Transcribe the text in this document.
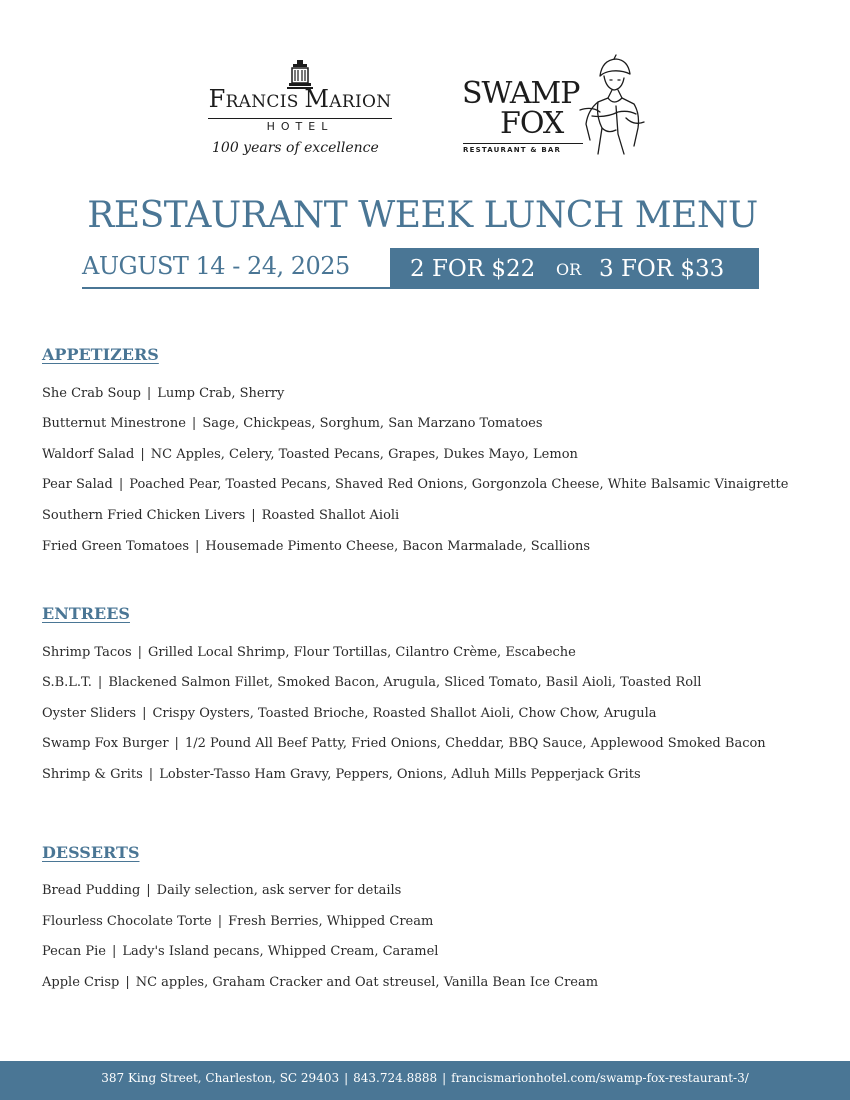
FRANCIS MARION
HOTEL
100 years of excellence
SWAMP
FOX
RESTAURANT & BAR
RESTAURANT WEEK LUNCH MENU
AUGUST 14 - 24, 2025	2 FOR $22 OR 3 FOR $33
APPETIZERS
She Crab Soup | Lump Crab, Sherry
Butternut Minestrone | Sage, Chickpeas, Sorghum, San Marzano Tomatoes
Waldorf Salad | NC Apples, Celery, Toasted Pecans, Grapes, Dukes Mayo, Lemon
Pear Salad | Poached Pear, Toasted Pecans, Shaved Red Onions, Gorgonzola Cheese, White Balsamic Vinaigrette
Southern Fried Chicken Livers | Roasted Shallot Aioli
Fried Green Tomatoes | Housemade Pimento Cheese, Bacon Marmalade, Scallions
ENTREES
Shrimp Tacos | Grilled Local Shrimp, Flour Tortillas, Cilantro Crème, Escabeche
S.B.L.T. | Blackened Salmon Fillet, Smoked Bacon, Arugula, Sliced Tomato, Basil Aioli, Toasted Roll
Oyster Sliders | Crispy Oysters, Toasted Brioche, Roasted Shallot Aioli, Chow Chow, Arugula
Swamp Fox Burger | 1/2 Pound All Beef Patty, Fried Onions, Cheddar, BBQ Sauce, Applewood Smoked Bacon
Shrimp & Grits | Lobster-Tasso Ham Gravy, Peppers, Onions, Adluh Mills Pepperjack Grits
DESSERTS
Bread Pudding | Daily selection, ask server for details
Flourless Chocolate Torte | Fresh Berries, Whipped Cream
Pecan Pie | Lady's Island pecans, Whipped Cream, Caramel
Apple Crisp | NC apples, Graham Cracker and Oat streusel, Vanilla Bean Ice Cream
387 King Street, Charleston, SC 29403 | 843.724.8888 | francismarionhotel.com/swamp-fox-restaurant-3/
